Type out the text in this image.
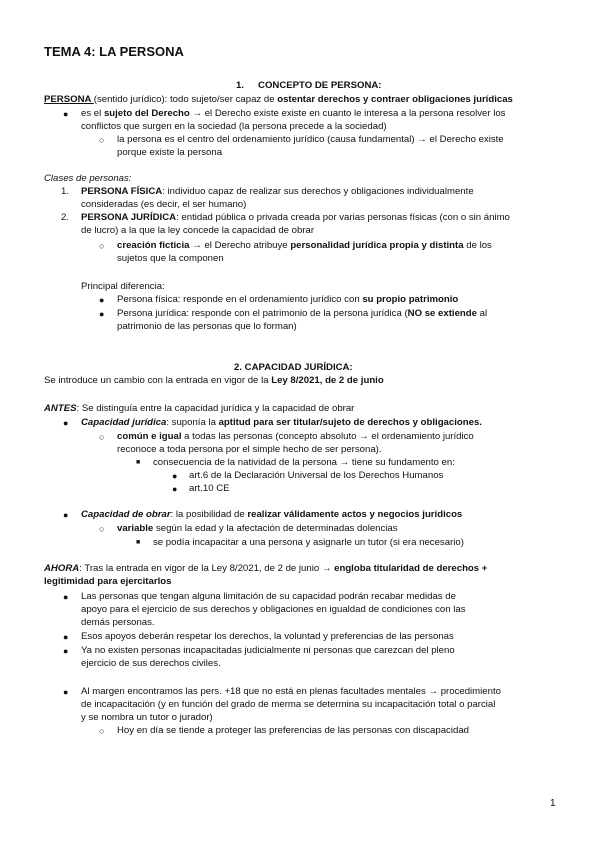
TEMA 4: LA PERSONA
1. CONCEPTO DE PERSONA:
PERSONA (sentido jurídico): todo sujeto/ser capaz de ostentar derechos y contraer obligaciones jurídicas
● es el sujeto del Derecho → el Derecho existe existe en cuanto le interesa a la persona resolver los
conflictos que surgen en la sociedad (la persona precede a la sociedad)
○ la persona es el centro del ordenamiento jurídico (causa fundamental) → el Derecho existe
porque existe la persona
Clases de personas:
1. PERSONA FÍSICA: individuo capaz de realizar sus derechos y obligaciones individualmente
consideradas (es decir, el ser humano)
2. PERSONA JURÍDICA: entidad pública o privada creada por varias personas físicas (con o sin ánimo
de lucro) a la que la ley concede la capacidad de obrar
○ creación ficticia → el Derecho atribuye personalidad jurídica propia y distinta de los
sujetos que la componen
Principal diferencia:
● Persona física: responde en el ordenamiento jurídico con su propio patrimonio
● Persona jurídica: responde con el patrimonio de la persona jurídica (NO se extiende al
patrimonio de las personas que lo forman)
2. CAPACIDAD JURÍDICA:
Se introduce un cambio con la entrada en vigor de la Ley 8/2021, de 2 de junio
ANTES: Se distinguía entre la capacidad jurídica y la capacidad de obrar
● Capacidad jurídica: suponía la aptitud para ser titular/sujeto de derechos y obligaciones.
○ común e igual a todas las personas (concepto absoluto → el ordenamiento jurídico
reconoce a toda persona por el simple hecho de ser persona).
■ consecuencia de la natividad de la persona → tiene su fundamento en:
● art.6 de la Declaración Universal de los Derechos Humanos
● art.10 CE
● Capacidad de obrar: la posibilidad de realizar válidamente actos y negocios jurídicos
○ variable según la edad y la afectación de determinadas dolencias
■ se podía incapacitar a una persona y asignarle un tutor (si era necesario)
AHORA: Tras la entrada en vigor de la Ley 8/2021, de 2 de junio → engloba titularidad de derechos +
legitimidad para ejercitarlos
● Las personas que tengan alguna limitación de su capacidad podrán recabar medidas de
apoyo para el ejercicio de sus derechos y obligaciones en igualdad de condiciones con las
demás personas.
● Esos apoyos deberán respetar los derechos, la voluntad y preferencias de las personas
● Ya no existen personas incapacitadas judicialmente ni personas que carezcan del pleno
ejercicio de sus derechos civiles.
● Al margen encontramos las pers. +18 que no está en plenas facultades mentales → procedimiento
de incapacitación (y en función del grado de merma se determina su incapacitación total o parcial
y se nombra un tutor o jurador)
○ Hoy en día se tiende a proteger las preferencias de las personas con discapacidad
1
